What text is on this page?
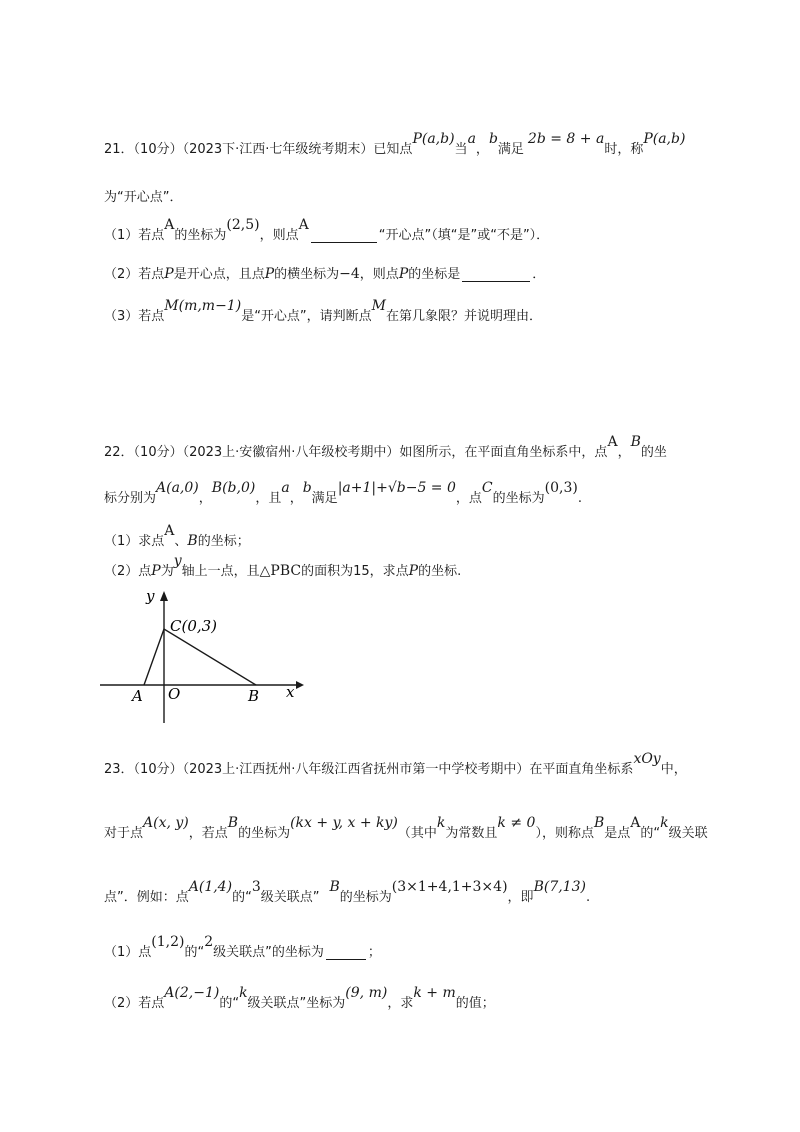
21．（10分）（2023下·江西·七年级统考期末）已知点P(a,b)当a，b满足2b = 8 + a时，称P(a,b)
为“开心点”．
（1）若点A的坐标为(2,5)，则点A“开心点”（填“是”或“不是”）．
（2）若点P是开心点，且点P的横坐标为−4，则点P的坐标是	．
（3）若点M(m,m−1)是“开心点”，请判断点M在第几象限？并说明理由．
22．（10分）（2023上·安徽宿州·八年级校考期中）如图所示，在平面直角坐标系中，点A，B的坐
标分别为A(a,0)，B(b,0)，且a，b满足|a+1|+√b−5 = 0，点C的坐标为(0,3).
（1）求点A、B的坐标；
（2）点P为y轴上一点，且△PBC的面积为15，求点P的坐标.
y
x
C(0,3)
A O	B
23．（10分）（2023上·江西抚州·八年级江西省抚州市第一中学校考期中）在平面直角坐标系xOy中，
对于点A(x, y)，若点B的坐标为(kx + y, x + ky)（其中k为常数且k ≠ 0），则称点B是点A的“k级关联
点”．例如：点A(1,4)的“3级关联点”B的坐标为(3×1+4,1+3×4)，即B(7,13).
（1）点(1,2)的“2级关联点”的坐标为	；
（2）若点A(2,−1)的“k级关联点”坐标为(9, m)，求k + m的值；
